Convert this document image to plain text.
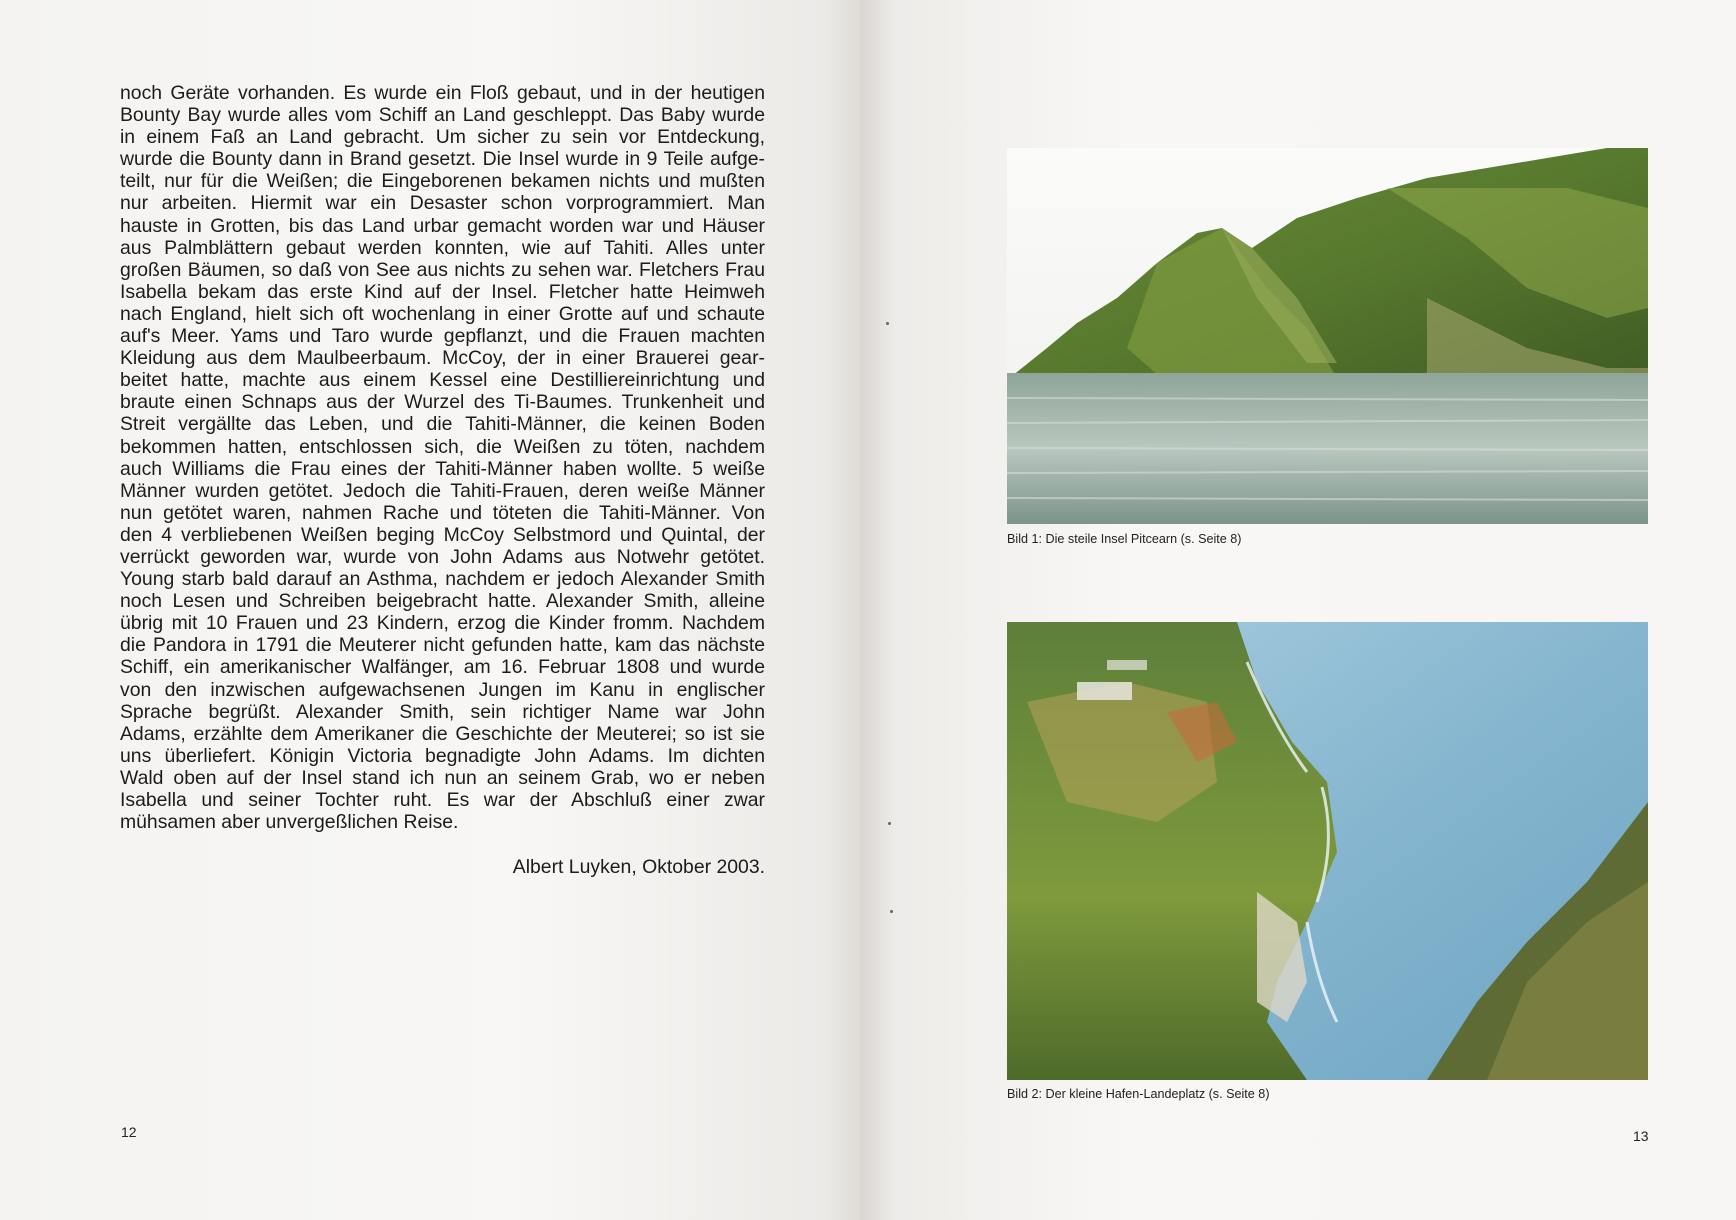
noch Geräte vorhanden. Es wurde ein Floß gebaut, und in der heutigen
Bounty Bay wurde alles vom Schiff an Land geschleppt. Das Baby wurde
in einem Faß an Land gebracht. Um sicher zu sein vor Entdeckung,
wurde die Bounty dann in Brand gesetzt. Die Insel wurde in 9 Teile aufge-
teilt, nur für die Weißen; die Eingeborenen bekamen nichts und mußten
nur arbeiten. Hiermit war ein Desaster schon vorprogrammiert. Man
hauste in Grotten, bis das Land urbar gemacht worden war und Häuser
aus Palmblättern gebaut werden konnten, wie auf Tahiti. Alles unter
großen Bäumen, so daß von See aus nichts zu sehen war. Fletchers Frau
Isabella bekam das erste Kind auf der Insel. Fletcher hatte Heimweh
nach England, hielt sich oft wochenlang in einer Grotte auf und schaute
auf's Meer. Yams und Taro wurde gepflanzt, und die Frauen machten
Kleidung aus dem Maulbeerbaum. McCoy, der in einer Brauerei gear-
beitet hatte, machte aus einem Kessel eine Destilliereinrichtung und
braute einen Schnaps aus der Wurzel des Ti-Baumes. Trunkenheit und
Streit vergällte das Leben, und die Tahiti-Männer, die keinen Boden
bekommen hatten, entschlossen sich, die Weißen zu töten, nachdem
auch Williams die Frau eines der Tahiti-Männer haben wollte. 5 weiße
Männer wurden getötet. Jedoch die Tahiti-Frauen, deren weiße Männer
nun getötet waren, nahmen Rache und töteten die Tahiti-Männer. Von
den 4 verbliebenen Weißen beging McCoy Selbstmord und Quintal, der
verrückt geworden war, wurde von John Adams aus Notwehr getötet.
Young starb bald darauf an Asthma, nachdem er jedoch Alexander Smith
noch Lesen und Schreiben beigebracht hatte. Alexander Smith, alleine
übrig mit 10 Frauen und 23 Kindern, erzog die Kinder fromm. Nachdem
die Pandora in 1791 die Meuterer nicht gefunden hatte, kam das nächste
Schiff, ein amerikanischer Walfänger, am 16. Februar 1808 und wurde
von den inzwischen aufgewachsenen Jungen im Kanu in englischer
Sprache begrüßt. Alexander Smith, sein richtiger Name war John
Adams, erzählte dem Amerikaner die Geschichte der Meuterei; so ist sie
uns überliefert. Königin Victoria begnadigte John Adams. Im dichten
Wald oben auf der Insel stand ich nun an seinem Grab, wo er neben
Isabella und seiner Tochter ruht. Es war der Abschluß einer zwar
mühsamen aber unvergeßlichen Reise.
Albert Luyken, Oktober 2003.
12
Bild 1: Die steile Insel Pitcearn (s. Seite 8)
Bild 2: Der kleine Hafen-Landeplatz (s. Seite 8)
13
